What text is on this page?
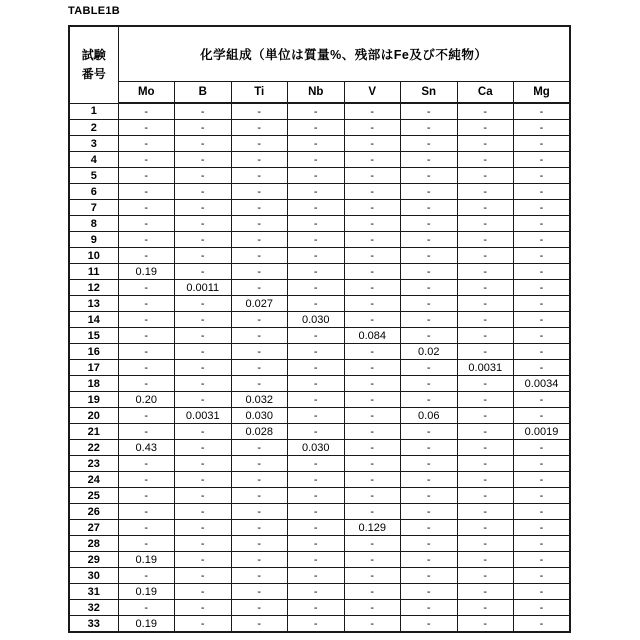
TABLE1B
試験
番号	化学組成（単位は質量%、残部はFe及び不純物）							
	Mo	B	Ti	Nb	V	Sn	Ca	Mg
1	-	-	-	-	-	-	-	-
2	-	-	-	-	-	-	-	-
3	-	-	-	-	-	-	-	-
4	-	-	-	-	-	-	-	-
5	-	-	-	-	-	-	-	-
6	-	-	-	-	-	-	-	-
7	-	-	-	-	-	-	-	-
8	-	-	-	-	-	-	-	-
9	-	-	-	-	-	-	-	-
10	-	-	-	-	-	-	-	-
11	0.19	-	-	-	-	-	-	-
12	-	0.0011	-	-	-	-	-	-
13	-	-	0.027	-	-	-	-	-
14	-	-	-	0.030	-	-	-	-
15	-	-	-	-	0.084	-	-	-
16	-	-	-	-	-	0.02	-	-
17	-	-	-	-	-	-	0.0031	-
18	-	-	-	-	-	-	-	0.0034
19	0.20	-	0.032	-	-	-	-	-
20	-	0.0031	0.030	-	-	0.06	-	-
21	-	-	0.028	-	-	-	-	0.0019
22	0.43	-	-	0.030	-	-	-	-
23	-	-	-	-	-	-	-	-
24	-	-	-	-	-	-	-	-
25	-	-	-	-	-	-	-	-
26	-	-	-	-	-	-	-	-
27	-	-	-	-	0.129	-	-	-
28	-	-	-	-	-	-	-	-
29	0.19	-	-	-	-	-	-	-
30	-	-	-	-	-	-	-	-
31	0.19	-	-	-	-	-	-	-
32	-	-	-	-	-	-	-	-
33	0.19	-	-	-	-	-	-	-
